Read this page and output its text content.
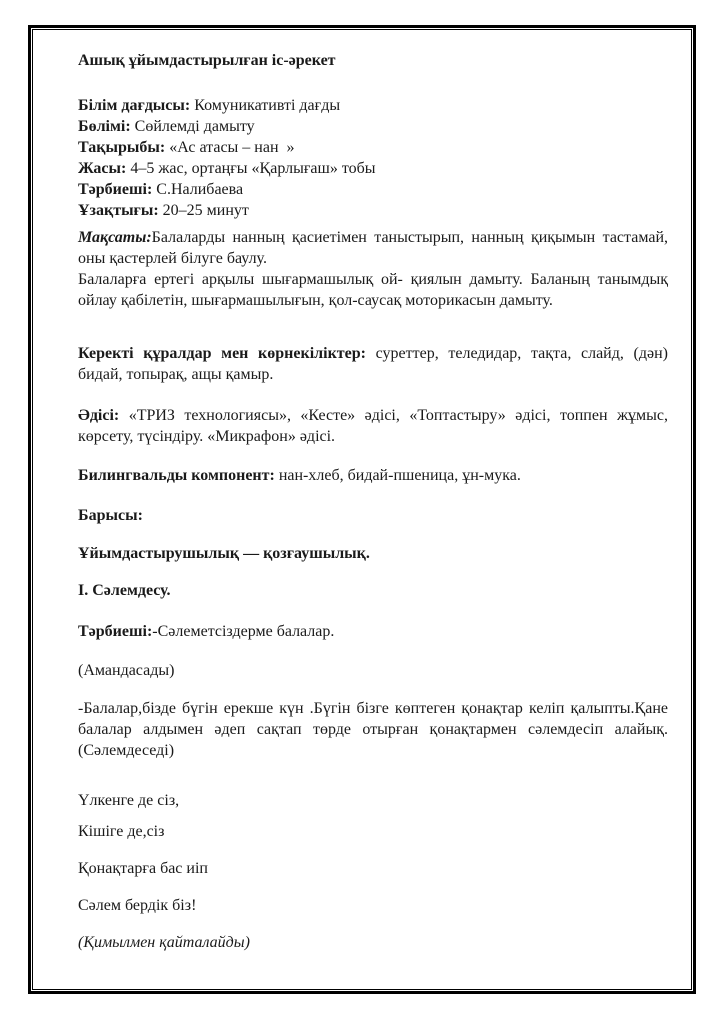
Ашық ұйымдастырылған іс-әрекет

Білім дағдысы: Комуникативті дағды

Бөлімі: Сөйлемді дамыту

Тақырыбы: «Ас атасы – нан  »

Жасы: 4–5 жас, ортаңғы «Қарлығаш» тобы

Тәрбиеші: С.Налибаева

Ұзақтығы: 20–25 минут

Мақсаты:Балаларды нанның қасиетімен таныстырып, нанның қиқымын тастамай, оны қастерлей білуге баулу.

Балаларға ертегі арқылы шығармашылық ой- қиялын дамыту. Баланың танымдық ойлау қабілетін, шығармашылығын, қол-саусақ моторикасын дамыту.

Керекті құралдар мен көрнекіліктер: суреттер, теледидар, тақта, слайд, (дән) бидай, топырақ, ащы қамыр.

Әдісі: «ТРИЗ технологиясы», «Кесте» әдісі, «Топтастыру» әдісі, топпен жұмыс, көрсету, түсіндіру. «Микрафон» әдісі.

Билингвальды компонент: нан-хлеб, бидай-пшеница, ұн-мука.

Барысы:

Ұйымдастырушылық — қозғаушылық.

I. Сәлемдесу.

Тәрбиеші:-Сәлеметсіздерме балалар.

(Амандасады)

-Балалар,бізде бүгін ерекше күн .Бүгін бізге көптеген қонақтар келіп қалыпты.Қане балалар алдымен әдеп сақтап төрде отырған қонақтармен сәлемдесіп алайық.(Сәлемдеседі)

Үлкенге де сіз,

Кішіге де,сіз

Қонақтарға бас иіп

Сәлем бердік біз!

(Қимылмен қайталайды)
